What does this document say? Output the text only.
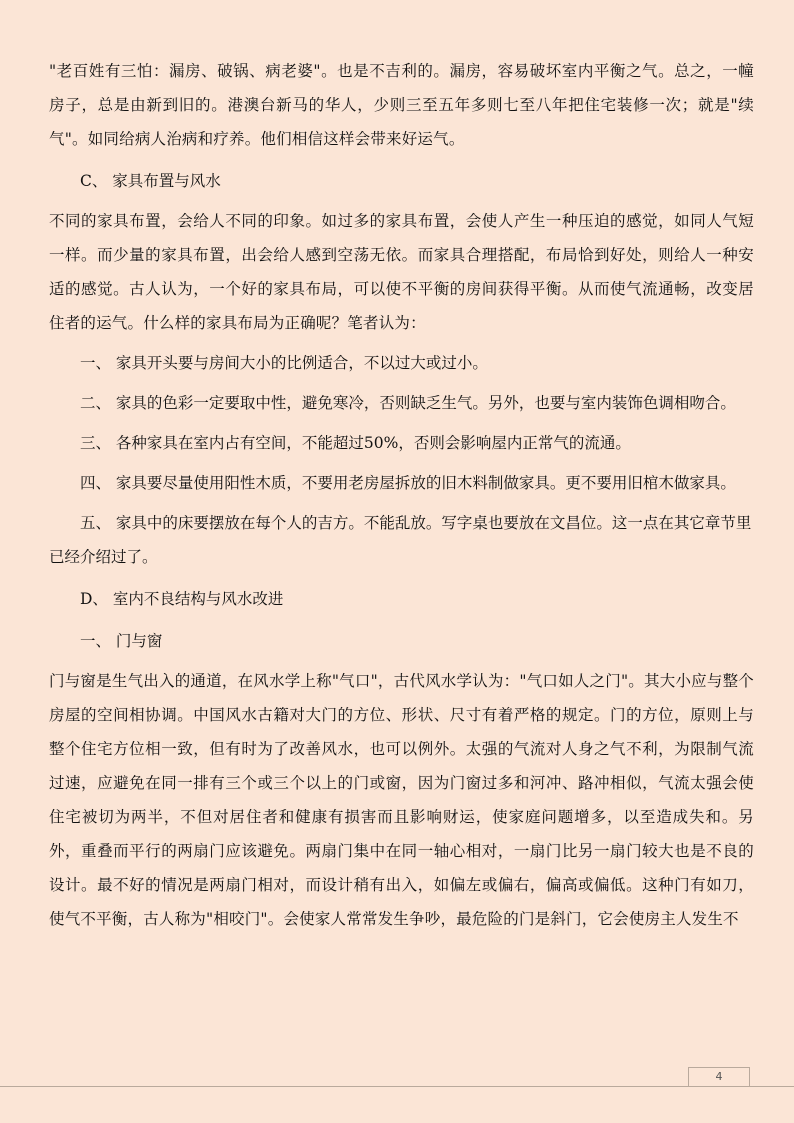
"老百姓有三怕：漏房、破锅、病老婆"。也是不吉利的。漏房，容易破坏室内平衡之气。总之，一幢房子，总是由新到旧的。港澳台新马的华人，少则三至五年多则七至八年把住宅装修一次；就是"续气"。如同给病人治病和疗养。他们相信这样会带来好运气。

C、 家具布置与风水

不同的家具布置，会给人不同的印象。如过多的家具布置，会使人产生一种压迫的感觉，如同人气短一样。而少量的家具布置，出会给人感到空荡无依。而家具合理搭配，布局恰到好处，则给人一种安适的感觉。古人认为，一个好的家具布局，可以使不平衡的房间获得平衡。从而使气流通畅，改变居住者的运气。什么样的家具布局为正确呢？笔者认为：

一、 家具开头要与房间大小的比例适合，不以过大或过小。

二、 家具的色彩一定要取中性，避免寒冷，否则缺乏生气。另外，也要与室内装饰色调相吻合。

三、 各种家具在室内占有空间，不能超过50%，否则会影响屋内正常气的流通。

四、 家具要尽量使用阳性木质，不要用老房屋拆放的旧木料制做家具。更不要用旧棺木做家具。

五、 家具中的床要摆放在每个人的吉方。不能乱放。写字桌也要放在文昌位。这一点在其它章节里已经介绍过了。

D、 室内不良结构与风水改进

一、 门与窗

门与窗是生气出入的通道，在风水学上称"气口"，古代风水学认为："气口如人之门"。其大小应与整个房屋的空间相协调。中国风水古籍对大门的方位、形状、尺寸有着严格的规定。门的方位，原则上与整个住宅方位相一致，但有时为了改善风水，也可以例外。太强的气流对人身之气不利，为限制气流过速，应避免在同一排有三个或三个以上的门或窗，因为门窗过多和河冲、路冲相似，气流太强会使住宅被切为两半，不但对居住者和健康有损害而且影响财运，使家庭问题增多，以至造成失和。另外，重叠而平行的两扇门应该避免。两扇门集中在同一轴心相对，一扇门比另一扇门较大也是不良的设计。最不好的情况是两扇门相对，而设计稍有出入，如偏左或偏右，偏高或偏低。这种门有如刀，使气不平衡，古人称为"相咬门"。会使家人常常发生争吵，最危险的门是斜门，它会使房主人发生不

4
